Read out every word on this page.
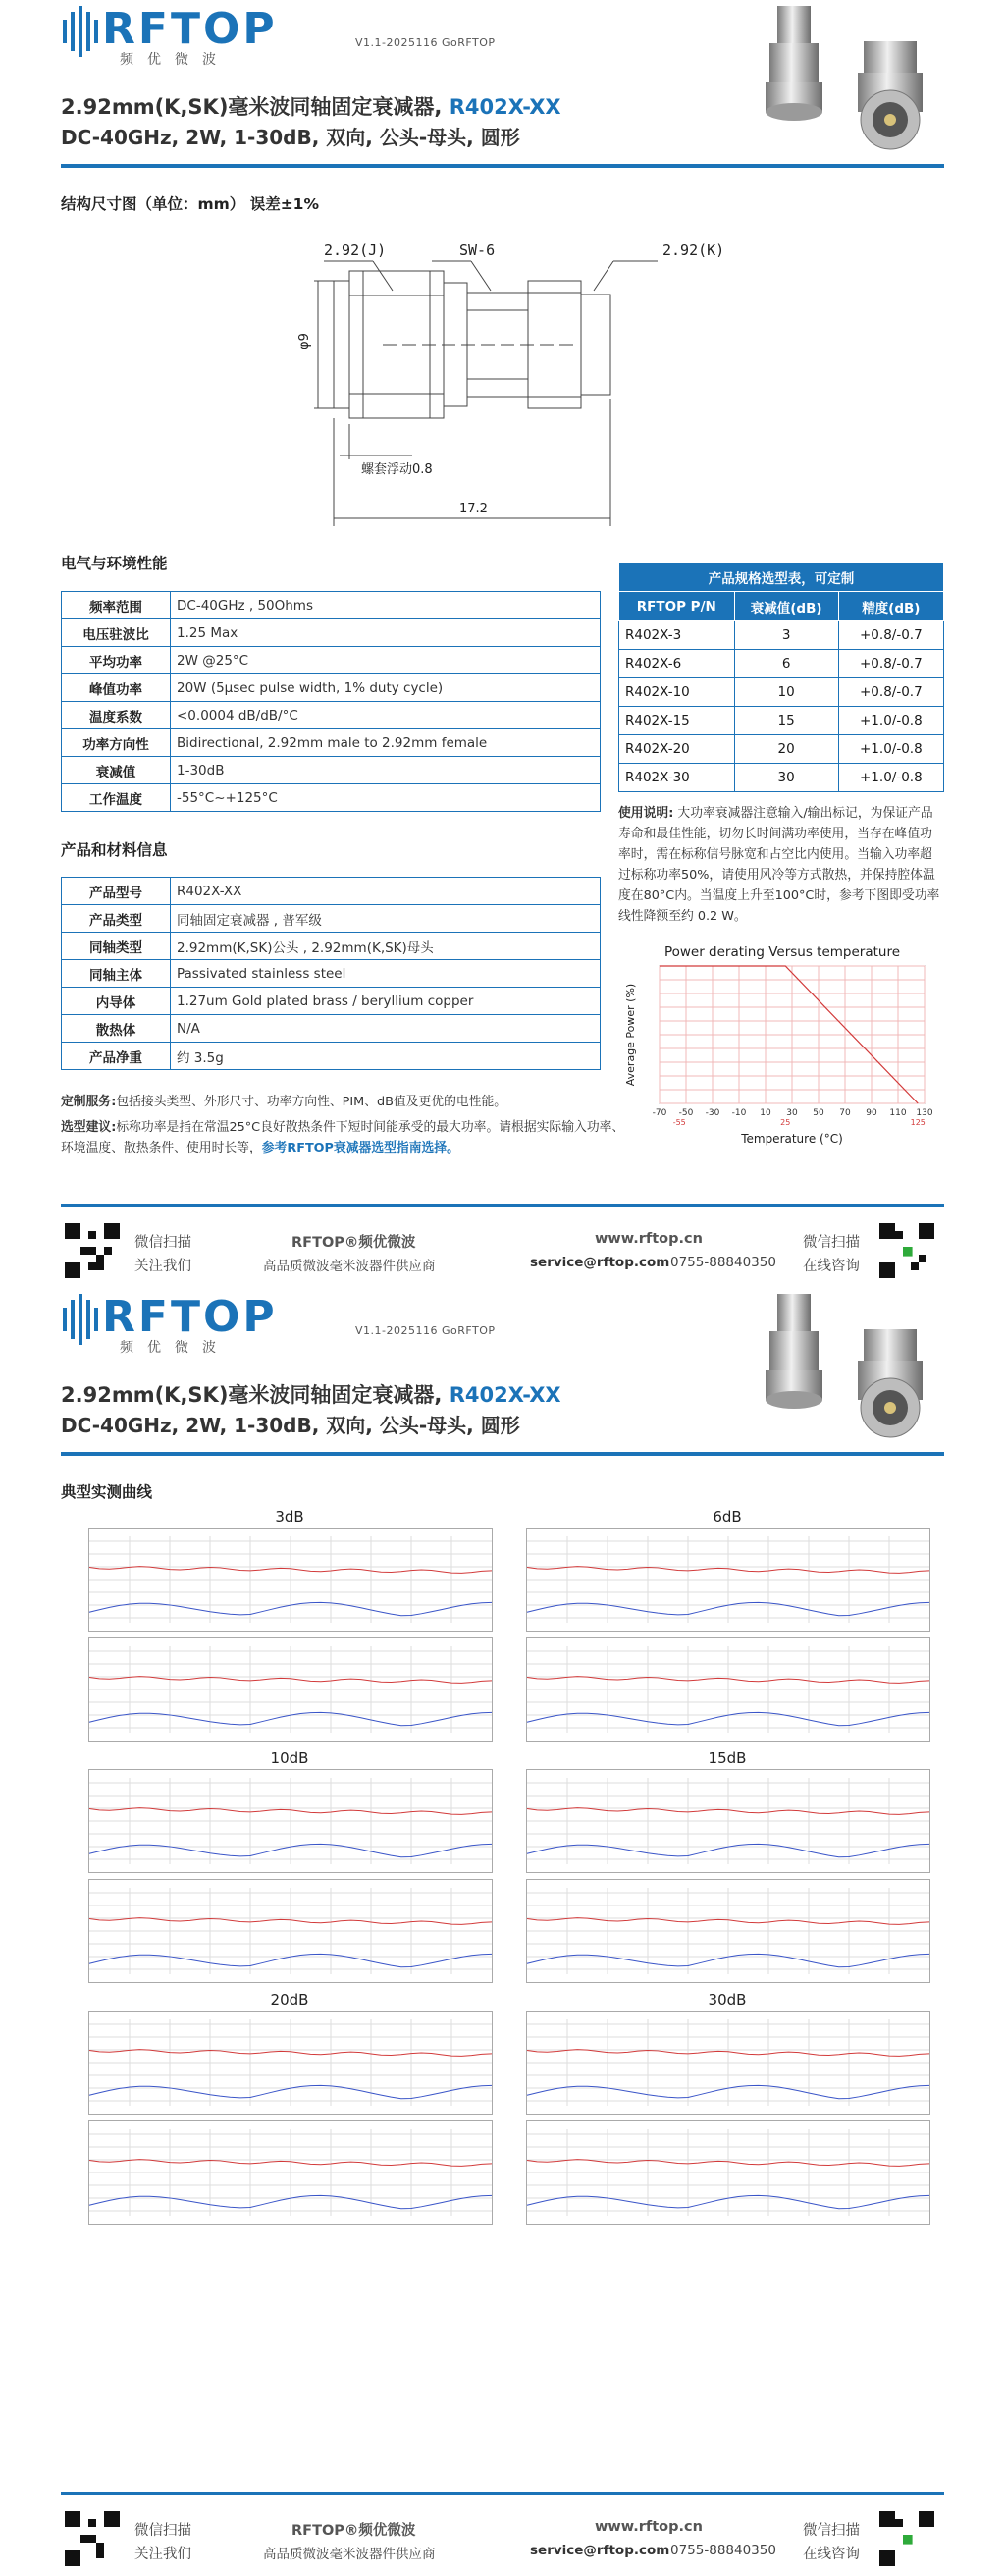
RFTOP
频优微波
V1.1-2025116 GoRFTOP
2.92mm(K,SK)毫米波同轴固定衰减器, R402X-XX
DC-40GHz, 2W, 1-30dB, 双向, 公头-母头, 圆形
结构尺寸图（单位：mm） 误差±1%
2.92(J)	SW-6	2.92(K)
φ9
螺套浮动0.8
17.2
电气与环境性能
频率范围	DC-40GHz , 50Ohms
电压驻波比	1.25 Max
平均功率	2W @25°C
峰值功率	20W (5μsec pulse width, 1% duty cycle)
温度系数	<0.0004 dB/dB/°C
功率方向性	Bidirectional, 2.92mm male to 2.92mm female
衰减值	1-30dB
工作温度	-55°C~+125°C
产品和材料信息
产品型号	R402X-XX
产品类型	同轴固定衰减器 , 普军级
同轴类型	2.92mm(K,SK)公头 , 2.92mm(K,SK)母头
同轴主体	Passivated stainless steel
内导体	1.27um Gold plated brass / beryllium copper
散热体	N/A
产品净重	约 3.5g
产品规格选型表，可定制		
RFTOP P/N	衰减值(dB)	精度(dB)
R402X-3	3	+0.8/-0.7
R402X-6	6	+0.8/-0.7
R402X-10	10	+0.8/-0.7
R402X-15	15	+1.0/-0.8
R402X-20	20	+1.0/-0.8
R402X-30	30	+1.0/-0.8
使用说明: 大功率衰减器注意输入/输出标记，为保证产品寿命和最佳性能，切勿长时间满功率使用，当存在峰值功率时，需在标称信号脉宽和占空比内使用。当输入功率超过标称功率50%，请使用风冷等方式散热，并保持腔体温度在80°C内。当温度上升至100°C时，参考下图即受功率线性降额至约 0.2 W。
Power derating Versus temperature
-70 -50 -30 -10 10 30 50 70 90 110 130
-55	25	125
Temperature (°C)
Average Power (%)
定制服务:包括接头类型、外形尺寸、功率方向性、PIM、dB值及更优的电性能。
选型建议:标称功率是指在常温25°C良好散热条件下短时间能承受的最大功率。请根据实际输入功率、环境温度、散热条件、使用时长等，参考RFTOP衰减器选型指南选择。
微信扫描
关注我们
RFTOP®频优微波
高品质微波毫米波器件供应商
www.rftop.cn
service@rftop.com 0755-88840350
微信扫描
在线咨询
RFTOP
频优微波
V1.1-2025116 GoRFTOP
2.92mm(K,SK)毫米波同轴固定衰减器, R402X-XX
DC-40GHz, 2W, 1-30dB, 双向, 公头-母头, 圆形
典型实测曲线
3dB	6dB
10dB	15dB
20dB	30dB
微信扫描
关注我们
RFTOP®频优微波
高品质微波毫米波器件供应商
www.rftop.cn
service@rftop.com 0755-88840350
微信扫描
在线咨询
